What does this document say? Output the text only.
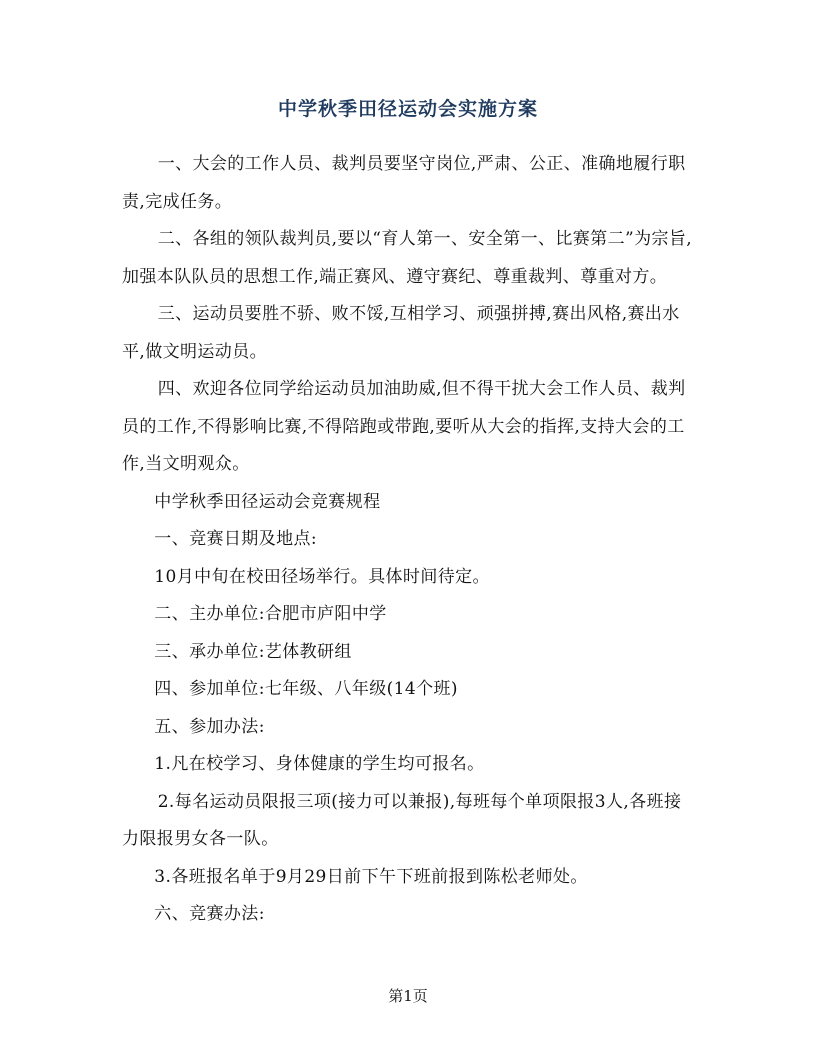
中学秋季田径运动会实施方案

一、大会的工作人员、裁判员要坚守岗位,严肃、公正、准确地履行职责,完成任务。

二、各组的领队裁判员,要以“育人第一、安全第一、比赛第二”为宗旨,加强本队队员的思想工作,端正赛风、遵守赛纪、尊重裁判、尊重对方。

三、运动员要胜不骄、败不馁,互相学习、顽强拼搏,赛出风格,赛出水平,做文明运动员。

四、欢迎各位同学给运动员加油助威,但不得干扰大会工作人员、裁判员的工作,不得影响比赛,不得陪跑或带跑,要听从大会的指挥,支持大会的工作,当文明观众。

中学秋季田径运动会竞赛规程

一、竞赛日期及地点:

10月中旬在校田径场举行。具体时间待定。

二、主办单位:合肥市庐阳中学

三、承办单位:艺体教研组

四、参加单位:七年级、八年级(14个班)

五、参加办法:

1.凡在校学习、身体健康的学生均可报名。

2.每名运动员限报三项(接力可以兼报),每班每个单项限报3人,各班接力限报男女各一队。

3.各班报名单于9月29日前下午下班前报到陈松老师处。

六、竞赛办法:

第1页
